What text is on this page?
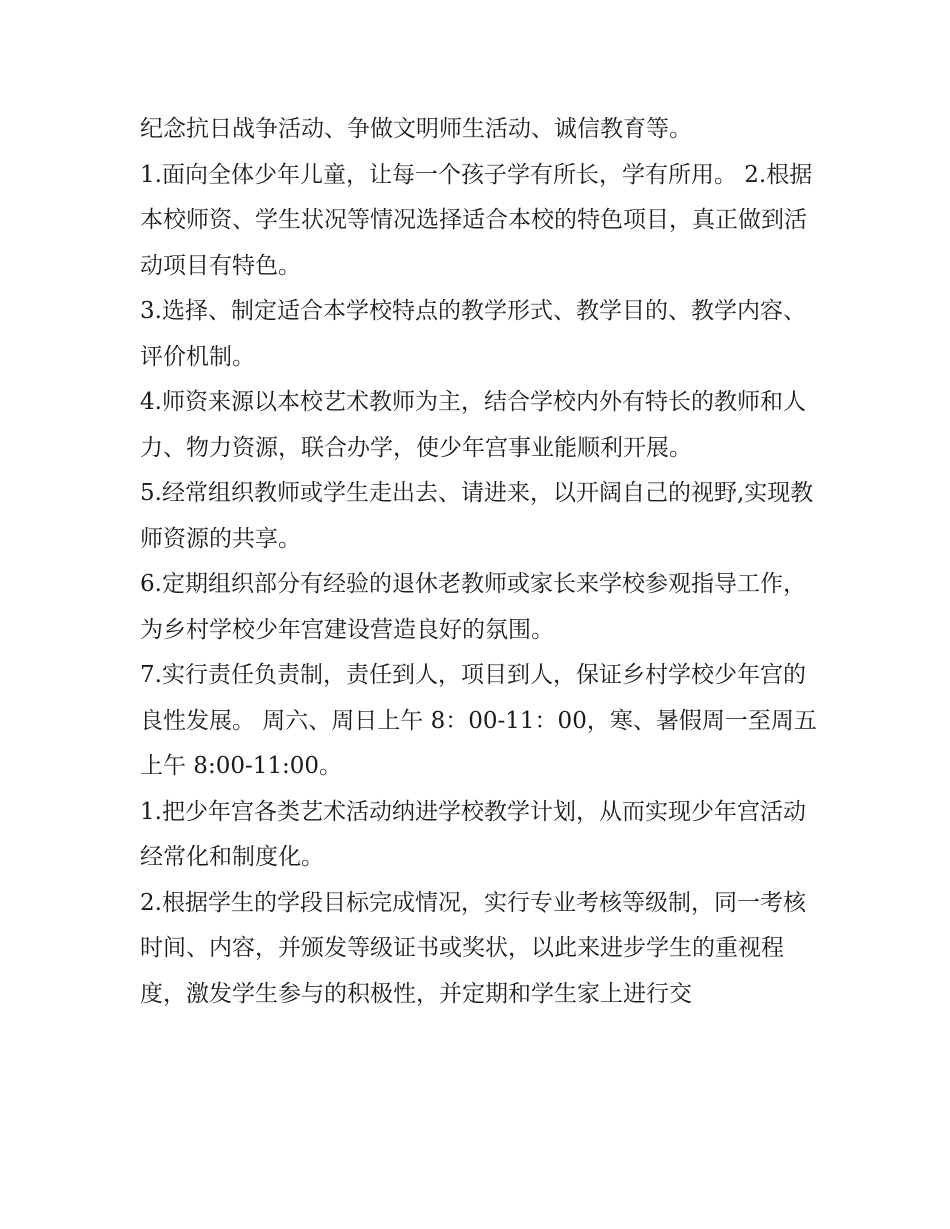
纪念抗日战争活动、争做文明师生活动、诚信教育等。

1.面向全体少年儿童，让每一个孩子学有所长，学有所用。 2.根据本校师资、学生状况等情况选择适合本校的特色项目，真正做到活动项目有特色。

3.选择、制定适合本学校特点的教学形式、教学目的、教学内容、评价机制。

4.师资来源以本校艺术教师为主，结合学校内外有特长的教师和人力、物力资源，联合办学，使少年宫事业能顺利开展。

5.经常组织教师或学生走出去、请进来，以开阔自己的视野,实现教师资源的共享。

6.定期组织部分有经验的退休老教师或家长来学校参观指导工作，为乡村学校少年宫建设营造良好的氛围。

7.实行责任负责制，责任到人，项目到人，保证乡村学校少年宫的良性发展。 周六、周日上午 8：00-11：00，寒、暑假周一至周五上午 8:00-11:00。

1.把少年宫各类艺术活动纳进学校教学计划，从而实现少年宫活动经常化和制度化。

2.根据学生的学段目标完成情况，实行专业考核等级制，同一考核时间、内容，并颁发等级证书或奖状，以此来进步学生的重视程度，激发学生参与的积极性，并定期和学生家上进行交
